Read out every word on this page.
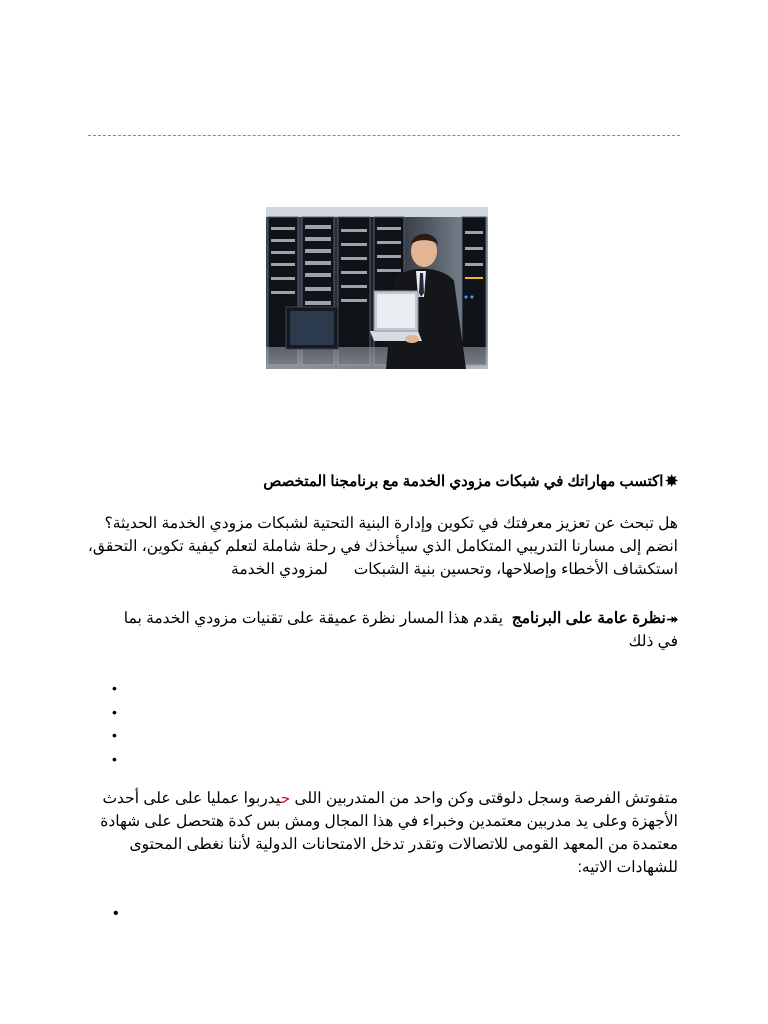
✸اكتسب مهاراتك في شبكات مزودي الخدمة مع برنامجنا المتخصص
هل تبحث عن تعزيز معرفتك في تكوين وإدارة البنية التحتية لشبكات مزودي الخدمة الحديثة؟
انضم إلى مسارنا التدريبي المتكامل الذي سيأخذك في رحلة شاملة لتعلم كيفية تكوين، التحقق،
استكشاف الأخطاء وإصلاحها، وتحسين بنية الشبكات      لمزودي الخدمة
⯮نظرة عامة على البرنامج  يقدم هذا المسار نظرة عميقة على تقنيات مزودي الخدمة بما
في ذلك
•
•
•
•
متفوتش الفرصة وسجل دلوقتى وكن واحد من المتدربين اللى حيدربوا عمليا على على أحدث
الأجهزة وعلى يد مدربين معتمدين وخبراء في هذا المجال ومش بس كدة هتحصل على شهادة
معتمدة من المعهد القومى للاتصالات وتقدر تدخل الامتحانات الدولية لأننا نغطى المحتوى
للشهادات الاتيه:
•
